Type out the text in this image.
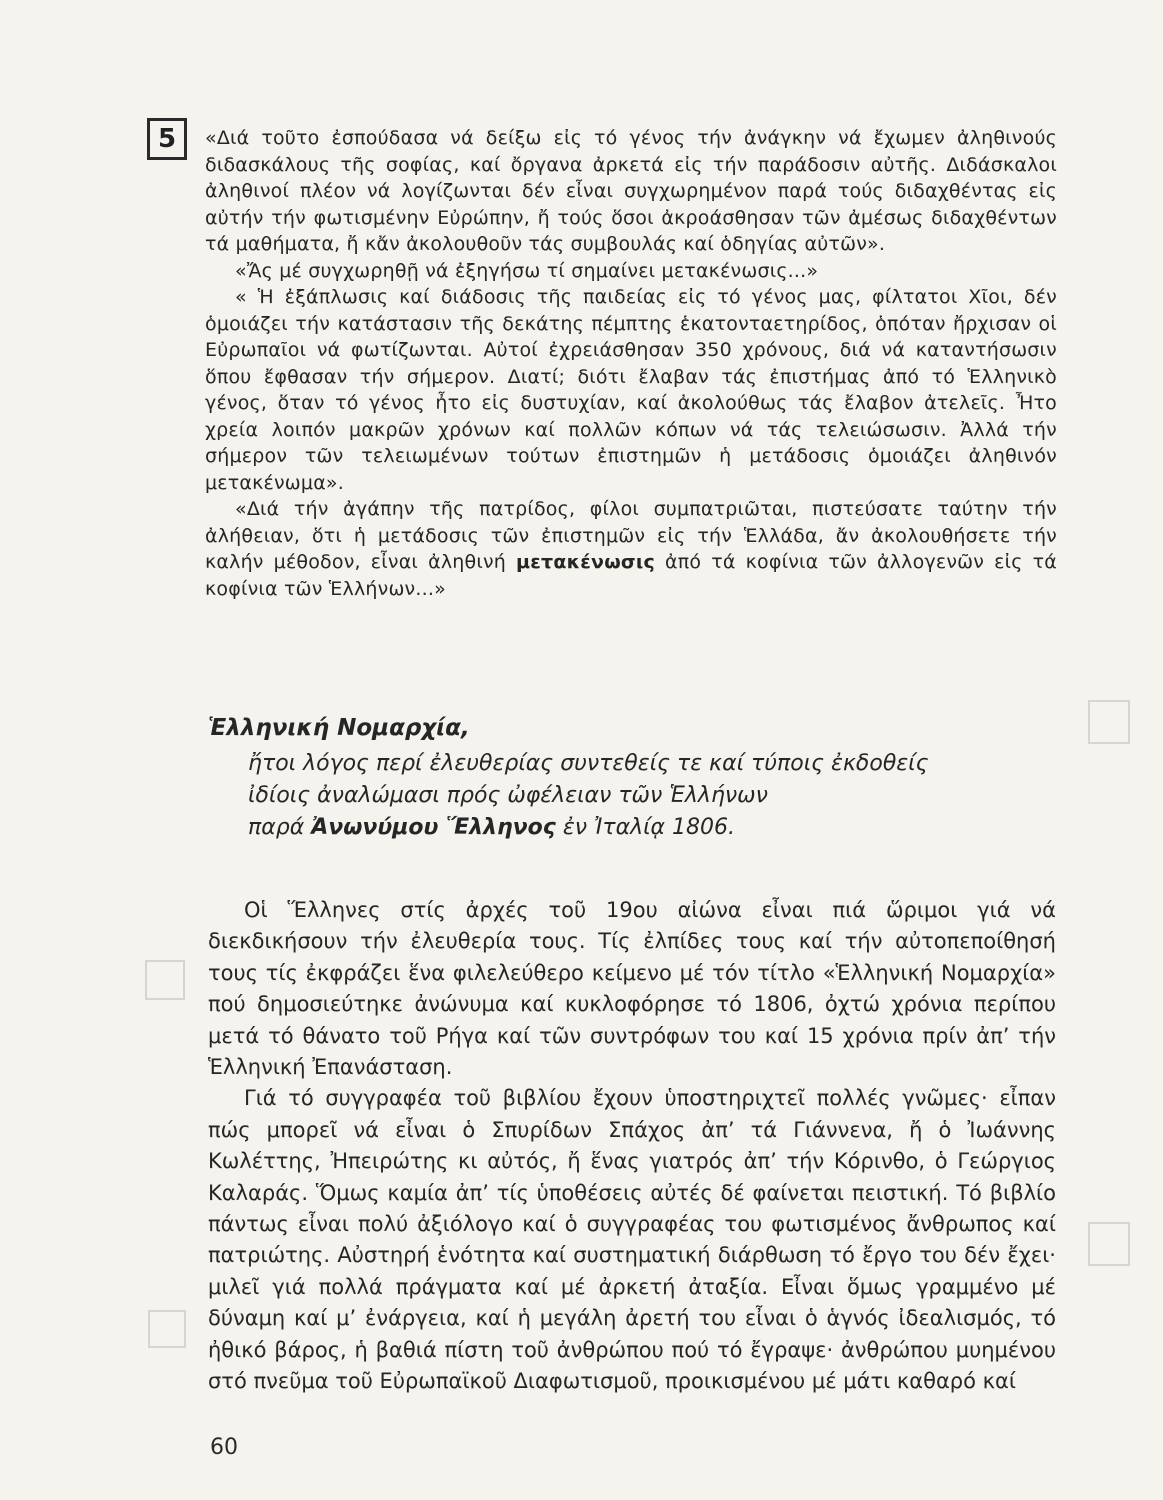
5	«Διά τοῦτο ἐσπούδασα νά δείξω εἰς τό γένος τήν ἀνάγκην νά ἔχωμεν ἀληθινούς διδασκάλους τῆς σοφίας, καί ὄργανα ἀρκετά εἰς τήν παράδοσιν αὐτῆς. Διδάσκαλοι ἀληθινοί πλέον νά λογίζωνται δέν εἶναι συγχωρημένον παρά τούς διδαχθέντας εἰς αὐτήν τήν φωτισμένην Εὐρώπην, ἤ τούς ὅσοι ἀκροάσθησαν τῶν ἀμέσως διδαχθέντων τά μαθήματα, ἤ κἄν ἀκολουθοῦν τάς συμβουλάς καί ὁδηγίας αὐτῶν».

«Ἄς μέ συγχωρηθῇ νά ἐξηγήσω τί σημαίνει μετακένωσις...»

« Ἡ ἐξάπλωσις καί διάδοσις τῆς παιδείας εἰς τό γένος μας, φίλτατοι Χῖοι, δέν ὁμοιάζει τήν κατάστασιν τῆς δεκάτης πέμπτης ἑκατονταετηρίδος, ὁπόταν ἤρχισαν οἱ Εὐρωπαῖοι νά φωτίζωνται. Αὐτοί ἐχρειάσθησαν 350 χρόνους, διά νά καταντήσωσιν ὅπου ἔφθασαν τήν σήμερον. Διατί; διότι ἔλαβαν τάς ἐπιστήμας ἀπό τό Ἑλληνικὸ γένος, ὅταν τό γένος ἦτο εἰς δυστυχίαν, καί ἀκολούθως τάς ἔλαβον ἀτελεῖς. Ἦτο χρεία λοιπόν μακρῶν χρόνων καί πολλῶν κόπων νά τάς τελειώσωσιν. Ἀλλά τήν σήμερον τῶν τελειωμένων τούτων ἐπιστημῶν ἡ μετάδοσις ὁμοιάζει ἀληθινόν μετακένωμα».

«Διά τήν ἀγάπην τῆς πατρίδος, φίλοι συμπατριῶται, πιστεύσατε ταύτην τήν ἀλήθειαν, ὅτι ἡ μετάδοσις τῶν ἐπιστημῶν εἰς τήν Ἑλλάδα, ἄν ἀκολουθήσετε τήν καλήν μέθοδον, εἶναι ἀληθινή μετακένωσις ἀπό τά κοφίνια τῶν ἀλλογενῶν εἰς τά κοφίνια τῶν Ἑλλήνων...»

Ἑλληνική Νομαρχία,
ἤτοι λόγος περί ἐλευθερίας συντεθείς τε καί τύποις ἐκδοθείς
ἰδίοις ἀναλώμασι πρός ὠφέλειαν τῶν Ἑλλήνων
παρά Ἀνωνύμου Ἕλληνος ἐν Ἰταλίᾳ 1806.

Οἱ Ἕλληνες στίς ἀρχές τοῦ 19ου αἰώνα εἶναι πιά ὥριμοι γιά νά διεκδικήσουν τήν ἐλευθερία τους. Τίς ἐλπίδες τους καί τήν αὐτοπεποίθησή τους τίς ἐκφράζει ἕνα φιλελεύθερο κείμενο μέ τόν τίτλο «Ἑλληνική Νομαρχία» πού δημοσιεύτηκε ἀνώνυμα καί κυκλοφόρησε τό 1806, ὀχτώ χρόνια περίπου μετά τό θάνατο τοῦ Ρήγα καί τῶν συντρόφων του καί 15 χρόνια πρίν ἀπ’ τήν Ἑλληνική Ἐπανάσταση.

Γιά τό συγγραφέα τοῦ βιβλίου ἔχουν ὑποστηριχτεῖ πολλές γνῶμες· εἶπαν πώς μπορεῖ νά εἶναι ὁ Σπυρίδων Σπάχος ἀπ’ τά Γιάννενα, ἤ ὁ Ἰωάννης Κωλέττης, Ἠπειρώτης κι αὐτός, ἤ ἕνας γιατρός ἀπ’ τήν Κόρινθο, ὁ Γεώργιος Καλαράς. Ὅμως καμία ἀπ’ τίς ὑποθέσεις αὐτές δέ φαίνεται πειστική. Τό βιβλίο πάντως εἶναι πολύ ἀξιόλογο καί ὁ συγγραφέας του φωτισμένος ἄνθρωπος καί πατριώτης. Αὐστηρή ἑνότητα καί συστηματική διάρθωση τό ἔργο του δέν ἔχει· μιλεῖ γιά πολλά πράγματα καί μέ ἀρκετή ἀταξία. Εἶναι ὅμως γραμμένο μέ δύναμη καί μ’ ἐνάργεια, καί ἡ μεγάλη ἀρετή του εἶναι ὁ ἁγνός ἰδεαλισμός, τό ἠθικό βάρος, ἡ βαθιά πίστη τοῦ ἀνθρώπου πού τό ἔγραψε· ἀνθρώπου μυημένου στό πνεῦμα τοῦ Εὐρωπαϊκοῦ Διαφωτισμοῦ, προικισμένου μέ μάτι καθαρό καί

60
